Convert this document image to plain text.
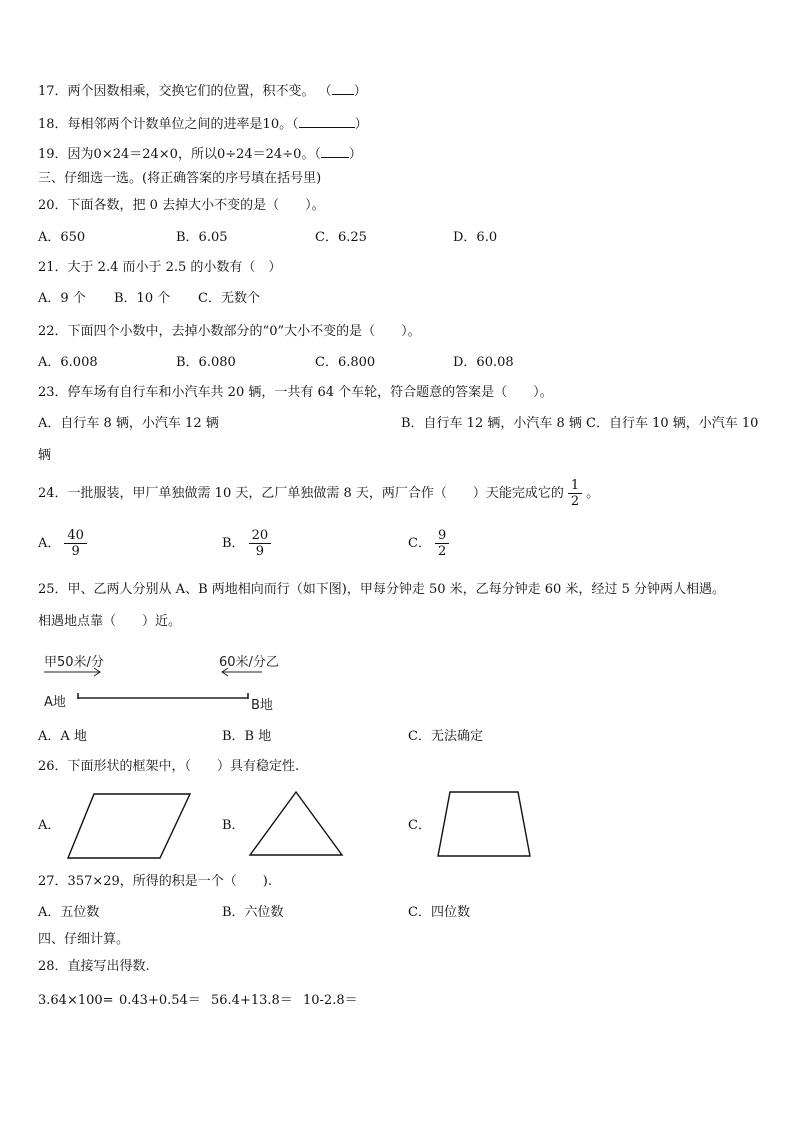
17．两个因数相乘，交换它们的位置，积不变。 （ ）
18．每相邻两个计数单位之间的进率是10。（	）
19．因为0×24＝24×0，所以0÷24＝24÷0。（ ）
三、仔细选一选。(将正确答案的序号填在括号里)
20．下面各数，把 0 去掉大小不变的是（　　）。
A．650	B．6.05	C．6.25	D．6.0
21．大于 2.4 而小于 2.5 的小数有（　）
A．9 个 B．10 个 C．无数个
22．下面四个小数中，去掉小数部分的“0”大小不变的是（　　）。
A．6.008	B．6.080	C．6.800	D．60.08
23．停车场有自行车和小汽车共 20 辆，一共有 64 个车轮，符合题意的答案是（　　）。
A．自行车 8 辆，小汽车 12 辆	B．自行车 12 辆，小汽车 8 辆 C．自行车 10 辆，小汽车 10
辆
24．一批服装，甲厂单独做需 10 天，乙厂单独做需 8 天，两厂合作（　　）天能完成它的 $\frac{1}{2}$ 。
A． $\frac{40}{9}$	B． $\frac{20}{9}$	C． $\frac{9}{2}$
25．甲、乙两人分别从 A、B 两地相向而行（如下图)，甲每分钟走 50 米，乙每分钟走 60 米，经过 5 分钟两人相遇。
相遇地点靠（　　）近。
甲50米/分	60米/分乙
A地	B地
A．A 地	B．B 地	C．无法确定
26．下面形状的框架中，（　　）具有稳定性.
A．	B．	C．
27．357×29，所得的积是一个（　　).
A．五位数	B．六位数	C．四位数
四、仔细计算。
28．直接写出得数.
3.64×100= 0.43+0.54＝ 56.4+13.8＝ 10-2.8＝
